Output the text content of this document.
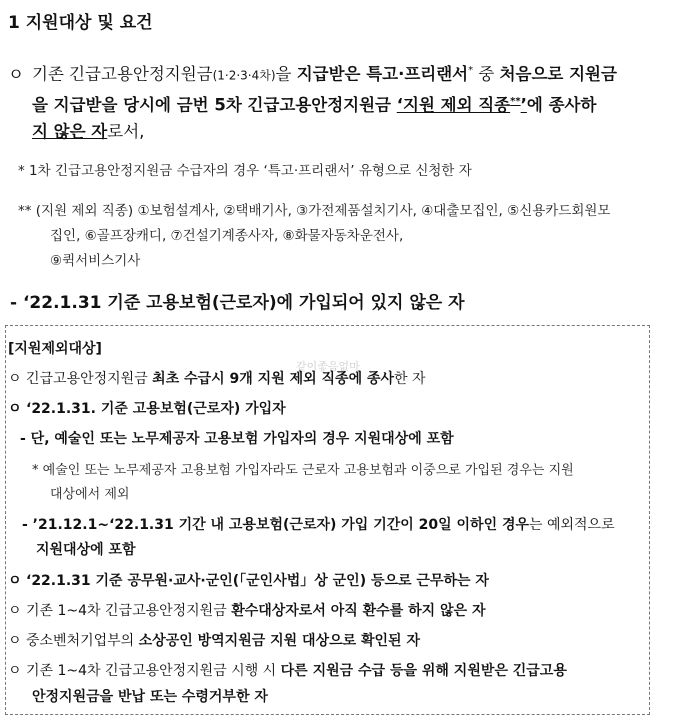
1 지원대상 및 요건
ㅇ 기존 긴급고용안정지원금(1·2·3·4차)을 지급받은 특고·프리랜서* 중 처음으로 지원금
을 지급받을 당시에 금번 5차 긴급고용안정지원금 ‘지원 제외 직종**’에 종사하
지 않은 자로서,
* 1차 긴급고용안정지원금 수급자의 경우 ‘특고·프리랜서’ 유형으로 신청한 자
** (지원 제외 직종) ①보험설계사, ②택배기사, ③가전제품설치기사, ④대출모집인, ⑤신용카드회원모
집인, ⑥골프장캐디, ⑦건설기계종사자, ⑧화물자동차운전사,
⑨퀵서비스기사
- ‘22.1.31 기준 고용보험(근로자)에 가입되어 있지 않은 자
[지원제외대상]
같이좋음없마
ㅇ 긴급고용안정지원금 최초 수급시 9개 지원 제외 직종에 종사한 자
ㅇ ‘22.1.31. 기준 고용보험(근로자) 가입자
- 단, 예술인 또는 노무제공자 고용보험 가입자의 경우 지원대상에 포함
* 예술인 또는 노무제공자 고용보험 가입자라도 근로자 고용보험과 이중으로 가입된 경우는 지원
대상에서 제외
- ’21.12.1~‘22.1.31 기간 내 고용보험(근로자) 가입 기간이 20일 이하인 경우는 예외적으로
지원대상에 포함
ㅇ ‘22.1.31 기준 공무원·교사·군인(「군인사법」상 군인) 등으로 근무하는 자
ㅇ 기존 1~4차 긴급고용안정지원금 환수대상자로서 아직 환수를 하지 않은 자
ㅇ 중소벤처기업부의 소상공인 방역지원금 지원 대상으로 확인된 자
ㅇ 기존 1~4차 긴급고용안정지원금 시행 시 다른 지원금 수급 등을 위해 지원받은 긴급고용
안정지원금을 반납 또는 수령거부한 자
